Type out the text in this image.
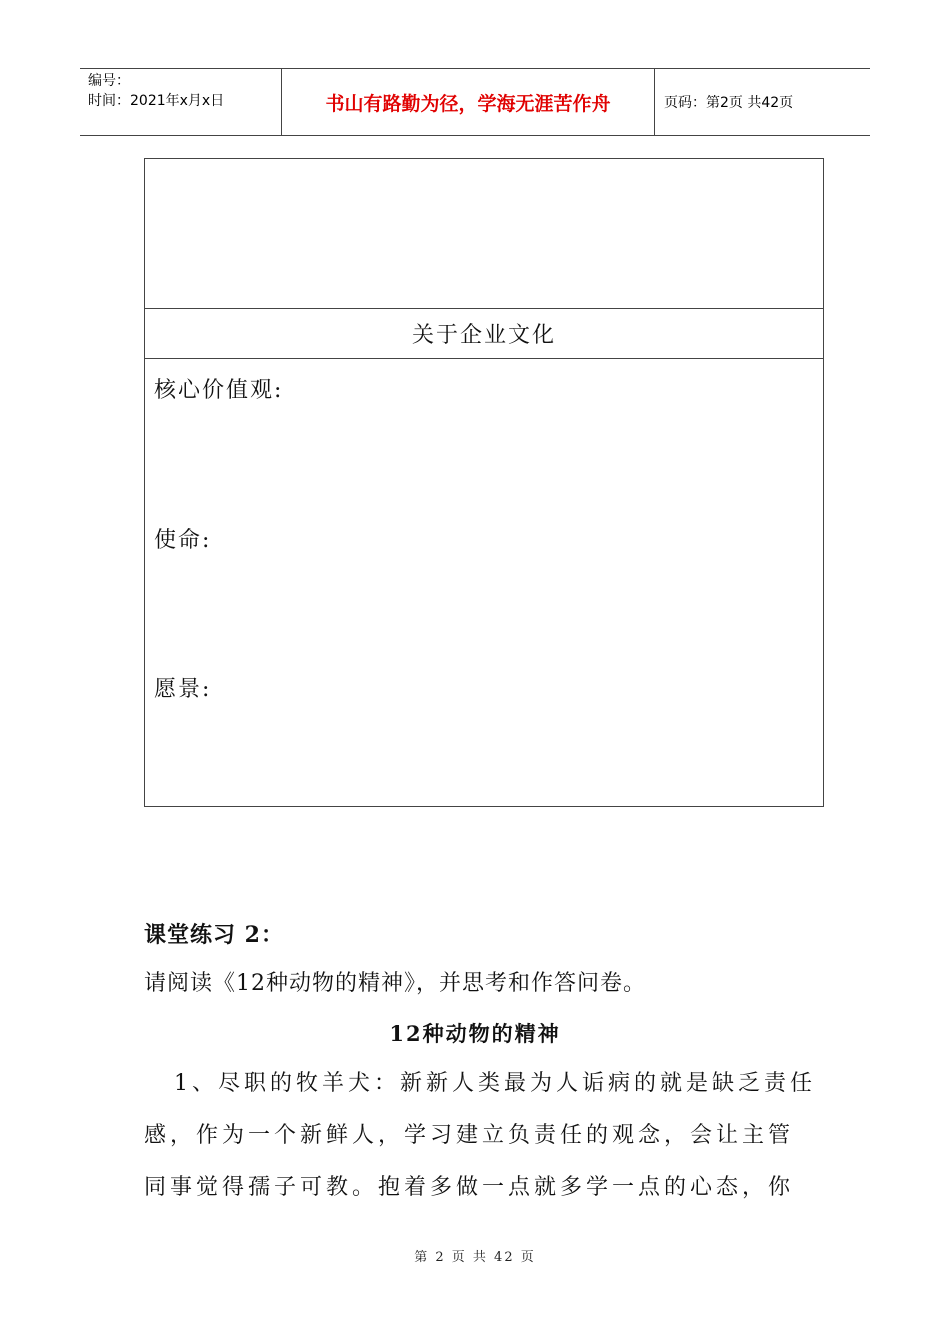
编号：
时间：2021年x月x日	书山有路勤为径，学海无涯苦作舟	页码：第2页 共42页
关于企业文化
核心价值观:
使命:
愿景:
课堂练习 2：
请阅读《12种动物的精神》，并思考和作答问卷。
12种动物的精神
1、尽职的牧羊犬：新新人类最为人诟病的就是缺乏责任
感，作为一个新鲜人，学习建立负责任的观念，会让主管
同事觉得孺子可教。抱着多做一点就多学一点的心态，你
第 2 页 共 42 页
